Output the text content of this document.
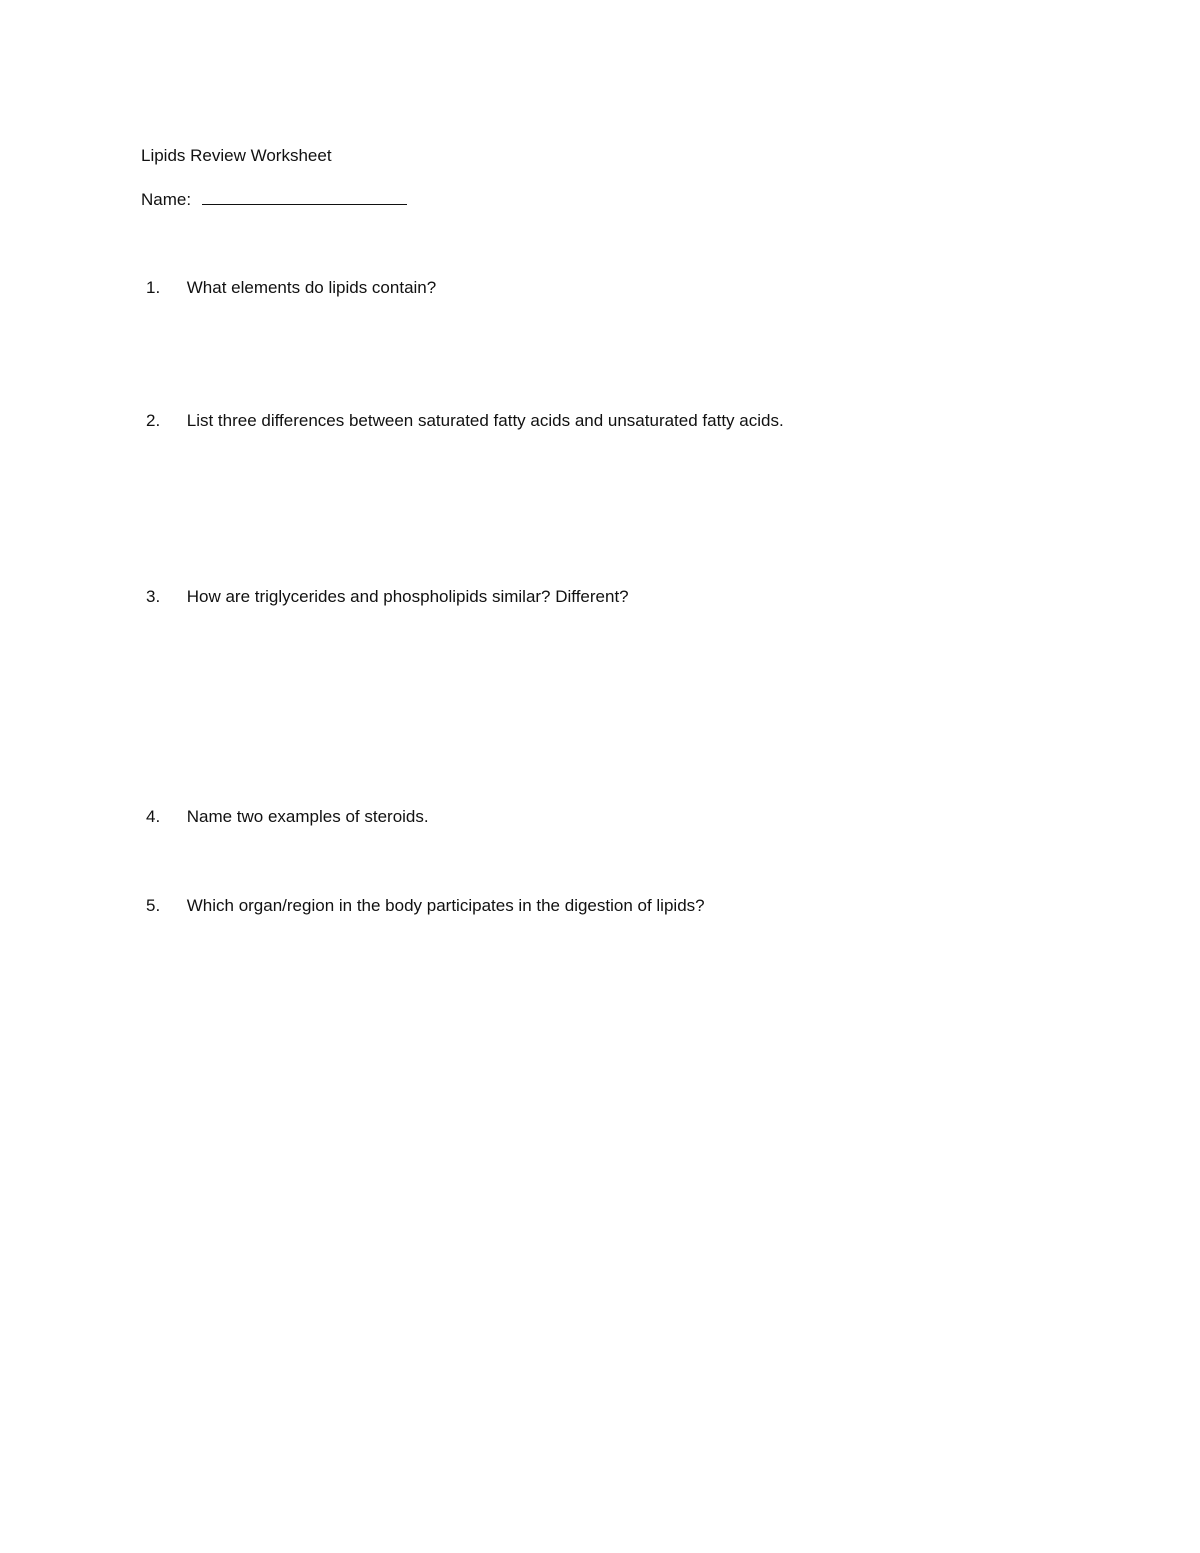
Lipids Review Worksheet
Name:
1. What elements do lipids contain?
2. List three differences between saturated fatty acids and unsaturated fatty acids.
3. How are triglycerides and phospholipids similar? Different?
4. Name two examples of steroids.
5. Which organ/region in the body participates in the digestion of lipids?
